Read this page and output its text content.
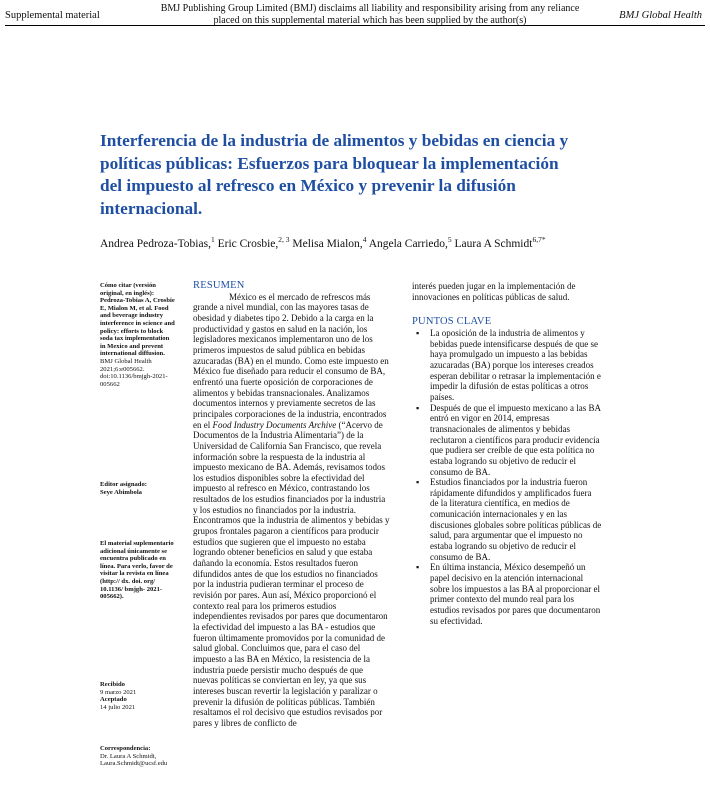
Supplemental material
BMJ Publishing Group Limited (BMJ) disclaims all liability and responsibility arising from any reliance placed on this supplemental material which has been supplied by the author(s)	BMJ Global Health
Interferencia de la industria de alimentos y bebidas en ciencia y políticas públicas: Esfuerzos para bloquear la implementación del impuesto al refresco en México y prevenir la difusión internacional.
Andrea Pedroza-Tobias,$^1$ Eric Crosbie,$^{2, 3}$ Melisa Mialon,$^4$ Angela Carriedo,$^5$ Laura A Schmidt$^{6,7*}$
Cómo citar (versión original, en inglés):
Pedroza-Tobias A, Crosbie E, Mialon M, et al. Food and beverage industry interference in science and policy: efforts to block soda tax implementation in Mexico and prevent international diffusion. BMJ Global Health 2021;6:e005662. doi:10.1136/bmjgh-2021-005662
Editor asignado:
Seye Abimbola
El material suplementario adicional únicamente se encuentra publicado en línea. Para verlo, favor de visitar la revista en línea (http:// dx. doi. org/ 10.1136/ bmjgh- 2021- 005662).
Recibido
9 marzo 2021
Aceptado
14 julio 2021
Correspondencia:
Dr. Laura A Schmidt, Laura.Schmidt@ucsf.edu
RESUMEN

México es el mercado de refrescos más grande a nivel mundial, con las mayores tasas de obesidad y diabetes tipo 2. Debido a la carga en la productividad y gastos en salud en la nación, los legisladores mexicanos implementaron uno de los primeros impuestos de salud pública en bebidas azucaradas (BA) en el mundo. Como este impuesto en México fue diseñado para reducir el consumo de BA, enfrentó una fuerte oposición de corporaciones de alimentos y bebidas transnacionales. Analizamos documentos internos y previamente secretos de las principales corporaciones de la industria, encontrados en el Food Industry Documents Archive (“Acervo de Documentos de la Industria Alimentaria”) de la Universidad de California San Francisco, que revela información sobre la respuesta de la industria al impuesto mexicano de BA. Además, revisamos todos los estudios disponibles sobre la efectividad del impuesto al refresco en México, contrastando los resultados de los estudios financiados por la industria y los estudios no financiados por la industria. Encontramos que la industria de alimentos y bebidas y grupos frontales pagaron a científicos para producir estudios que sugieren que el impuesto no estaba logrando obtener beneficios en salud y que estaba dañando la economía. Estos resultados fueron difundidos antes de que los estudios no financiados por la industria pudieran terminar el proceso de revisión por pares. Aun así, México proporcionó el contexto real para los primeros estudios independientes revisados por pares que documentaron la efectividad del impuesto a las BA - estudios que fueron últimamente promovidos por la comunidad de salud global. Concluimos que, para el caso del impuesto a las BA en México, la resistencia de la industria puede persistir mucho después de que nuevas políticas se conviertan en ley, ya que sus intereses buscan revertir la legislación y paralizar o prevenir la difusión de políticas públicas. También resaltamos el rol decisivo que estudios revisados por pares y libres de conflicto de

interés pueden jugar en la implementación de innovaciones en políticas públicas de salud.

PUNTOS CLAVE
▪ La oposición de la industria de alimentos y bebidas puede intensificarse después de que se haya promulgado un impuesto a las bebidas azucaradas (BA) porque los intereses creados esperan debilitar o retrasar la implementación e impedir la difusión de estas políticas a otros países.
▪ Después de que el impuesto mexicano a las BA entró en vigor en 2014, empresas transnacionales de alimentos y bebidas reclutaron a científicos para producir evidencia que pudiera ser creíble de que esta política no estaba logrando su objetivo de reducir el consumo de BA.
▪ Estudios financiados por la industria fueron rápidamente difundidos y amplificados fuera de la literatura científica, en medios de comunicación internacionales y en las discusiones globales sobre políticas públicas de salud, para argumentar que el impuesto no estaba logrando su objetivo de reducir el consumo de BA.
▪ En última instancia, México desempeñó un papel decisivo en la atención internacional sobre los impuestos a las BA al proporcionar el primer contexto del mundo real para los estudios revisados por pares que documentaron su efectividad.
